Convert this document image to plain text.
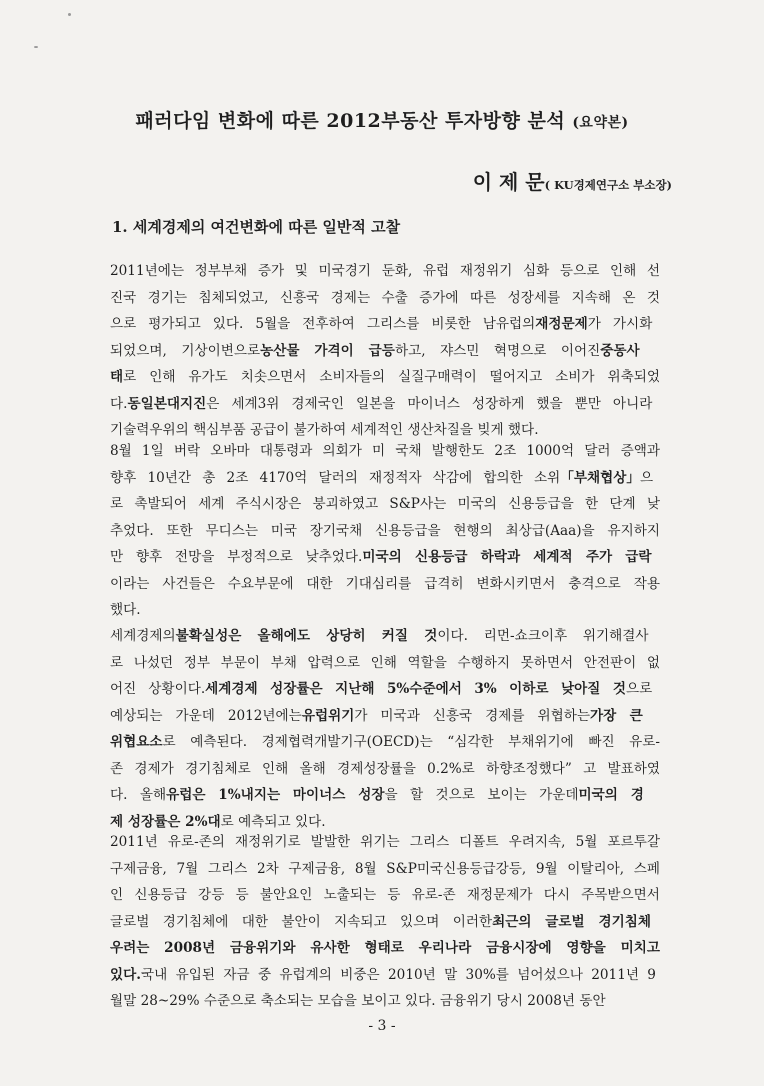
패러다임 변화에 따른 2012부동산 투자방향 분석 (요약본)
이 제 문( KU경제연구소 부소장)
1. 세계경제의 여건변화에 따른 일반적 고찰
2011년에는 정부부채 증가 및 미국경기 둔화, 유럽 재정위기 심화 등으로 인해 선
진국 경기는 침체되었고, 신흥국 경제는 수출 증가에 따른 성장세를 지속해 온 것
으로 평가되고 있다. 5월을 전후하여 그리스를 비롯한 남유럽의재정문제가 가시화
되었으며, 기상이변으로농산물 가격이 급등하고, 쟈스민 혁명으로 이어진중동사
태로 인해 유가도 치솟으면서 소비자들의 실질구매력이 떨어지고 소비가 위축되었
다.동일본대지진은 세계3위 경제국인 일본을 마이너스 성장하게 했을 뿐만 아니라
기술력우위의 핵심부품 공급이 불가하여 세계적인 생산차질을 빚게 했다.
8월 1일 버락 오바마 대통령과 의회가 미 국채 발행한도 2조 1000억 달러 증액과
향후 10년간 총 2조 4170억 달러의 재정적자 삭감에 합의한 소위「부채협상」으
로 촉발되어 세계 주식시장은 붕괴하였고 S&P사는 미국의 신용등급을 한 단계 낮
추었다. 또한 무디스는 미국 장기국채 신용등급을 현행의 최상급(Aaa)을 유지하지
만 향후 전망을 부정적으로 낮추었다.미국의 신용등급 하락과 세계적 주가 급락
이라는 사건들은 수요부문에 대한 기대심리를 급격히 변화시키면서 충격으로 작용
했다.
세계경제의불확실성은 올해에도 상당히 커질 것이다. 리먼-쇼크이후 위기해결사
로 나섰던 정부 부문이 부채 압력으로 인해 역할을 수행하지 못하면서 안전판이 없
어진 상황이다.세계경제 성장률은 지난해 5%수준에서 3% 이하로 낮아질 것으로
예상되는 가운데 2012년에는유럽위기가 미국과 신흥국 경제를 위협하는가장 큰
위협요소로 예측된다. 경제협력개발기구(OECD)는 “심각한 부채위기에 빠진 유로-
존 경제가 경기침체로 인해 올해 경제성장률을 0.2%로 하향조정했다” 고 발표하였
다. 올해유럽은 1%내지는 마이너스 성장을 할 것으로 보이는 가운데미국의 경
제 성장률은 2%대로 예측되고 있다.
2011년 유로-존의 재정위기로 발발한 위기는 그리스 디폴트 우려지속, 5월 포르투갈
구제금융, 7월 그리스 2차 구제금융, 8월 S&P미국신용등급강등, 9월 이탈리아, 스페
인 신용등급 강등 등 불안요인 노출되는 등 유로-존 재정문제가 다시 주목받으면서
글로벌 경기침체에 대한 불안이 지속되고 있으며 이러한최근의 글로벌 경기침체
우려는 2008년 금융위기와 유사한 형태로 우리나라 금융시장에 영향을 미치고
있다.국내 유입된 자금 중 유럽계의 비중은 2010년 말 30%를 넘어섰으나 2011년 9
월말 28~29% 수준으로 축소되는 모습을 보이고 있다. 금융위기 당시 2008년 동안
- 3 -
